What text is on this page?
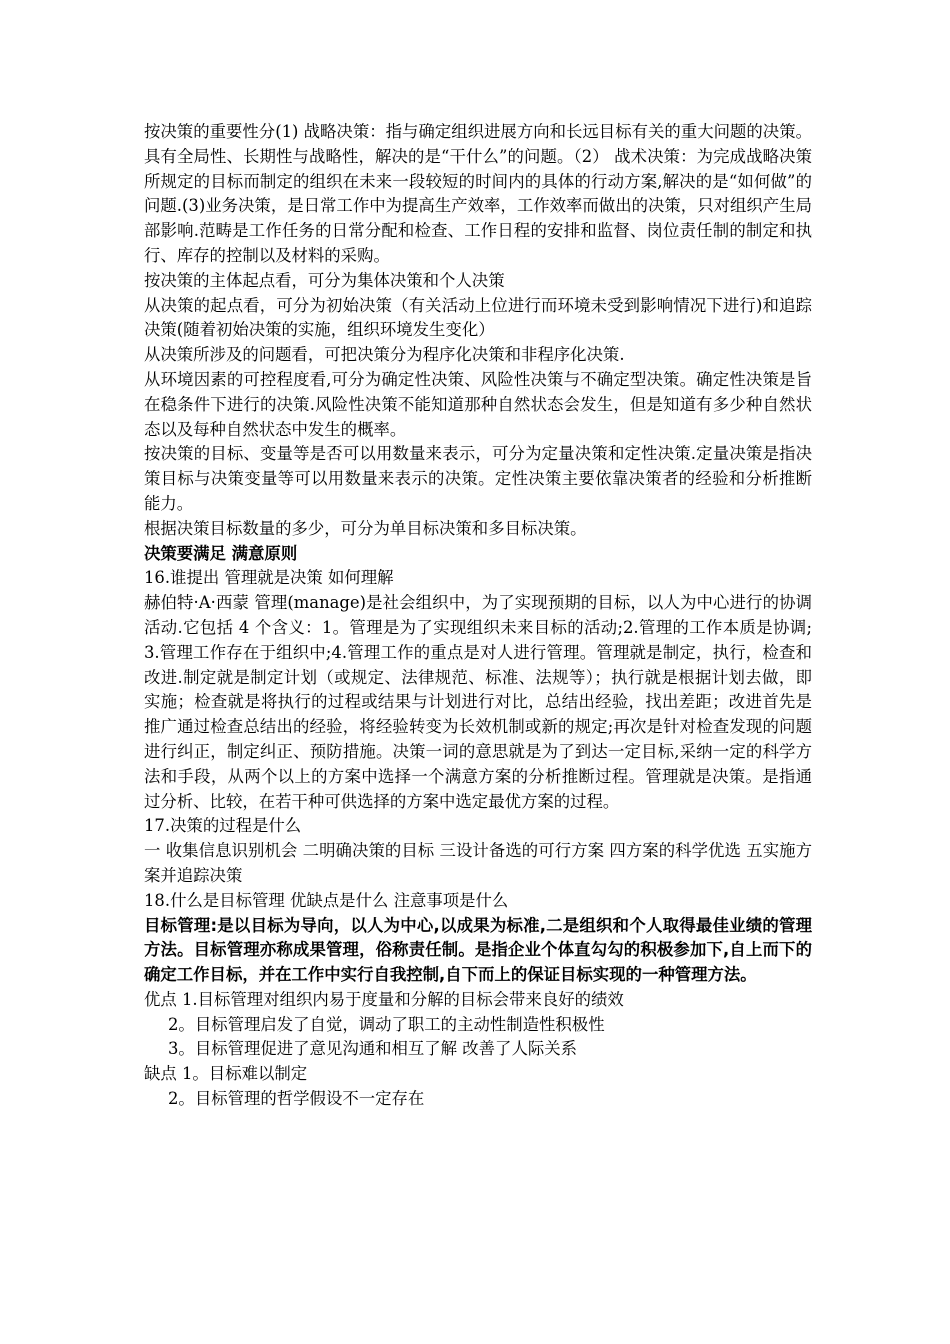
按决策的重要性分(1) 战略决策：指与确定组织进展方向和长远目标有关的重大问题的决策。具有全局性、长期性与战略性，解决的是“干什么”的问题。（2） 战术决策：为完成战略决策所规定的目标而制定的组织在未来一段较短的时间内的具体的行动方案,解决的是“如何做”的问题.(3)业务决策，是日常工作中为提高生产效率，工作效率而做出的决策，只对组织产生局部影响.范畴是工作任务的日常分配和检查、工作日程的安排和监督、岗位责任制的制定和执行、库存的控制以及材料的采购。

按决策的主体起点看，可分为集体决策和个人决策

从决策的起点看，可分为初始决策（有关活动上位进行而环境未受到影响情况下进行)和追踪决策(随着初始决策的实施，组织环境发生变化）

从决策所涉及的问题看，可把决策分为程序化决策和非程序化决策.

从环境因素的可控程度看,可分为确定性决策、风险性决策与不确定型决策。确定性决策是旨在稳条件下进行的决策.风险性决策不能知道那种自然状态会发生，但是知道有多少种自然状态以及每种自然状态中发生的概率。

按决策的目标、变量等是否可以用数量来表示，可分为定量决策和定性决策.定量决策是指决策目标与决策变量等可以用数量来表示的决策。定性决策主要依靠决策者的经验和分析推断能力。

根据决策目标数量的多少，可分为单目标决策和多目标决策。

决策要满足 满意原则

16.谁提出 管理就是决策 如何理解

赫伯特·A·西蒙 管理(manage)是社会组织中，为了实现预期的目标，以人为中心进行的协调活动.它包括 4 个含义：1。管理是为了实现组织未来目标的活动;2.管理的工作本质是协调;3.管理工作存在于组织中;4.管理工作的重点是对人进行管理。管理就是制定，执行，检查和改进.制定就是制定计划（或规定、法律规范、标准、法规等）；执行就是根据计划去做，即实施；检查就是将执行的过程或结果与计划进行对比，总结出经验，找出差距；改进首先是推广通过检查总结出的经验，将经验转变为长效机制或新的规定;再次是针对检查发现的问题进行纠正，制定纠正、预防措施。决策一词的意思就是为了到达一定目标,采纳一定的科学方法和手段，从两个以上的方案中选择一个满意方案的分析推断过程。管理就是决策。是指通过分析、比较，在若干种可供选择的方案中选定最优方案的过程。

17.决策的过程是什么

一 收集信息识别机会 二明确决策的目标 三设计备选的可行方案 四方案的科学优选 五实施方案并追踪决策

18.什么是目标管理 优缺点是什么 注意事项是什么

目标管理:是以目标为导向，以人为中心,以成果为标准,二是组织和个人取得最佳业绩的管理方法。目标管理亦称成果管理，俗称责任制。是指企业个体直勾勾的积极参加下,自上而下的确定工作目标，并在工作中实行自我控制,自下而上的保证目标实现的一种管理方法。

优点 1.目标管理对组织内易于度量和分解的目标会带来良好的绩效

2。目标管理启发了自觉，调动了职工的主动性制造性积极性

3。目标管理促进了意见沟通和相互了解 改善了人际关系

缺点 1。目标难以制定

2。目标管理的哲学假设不一定存在
